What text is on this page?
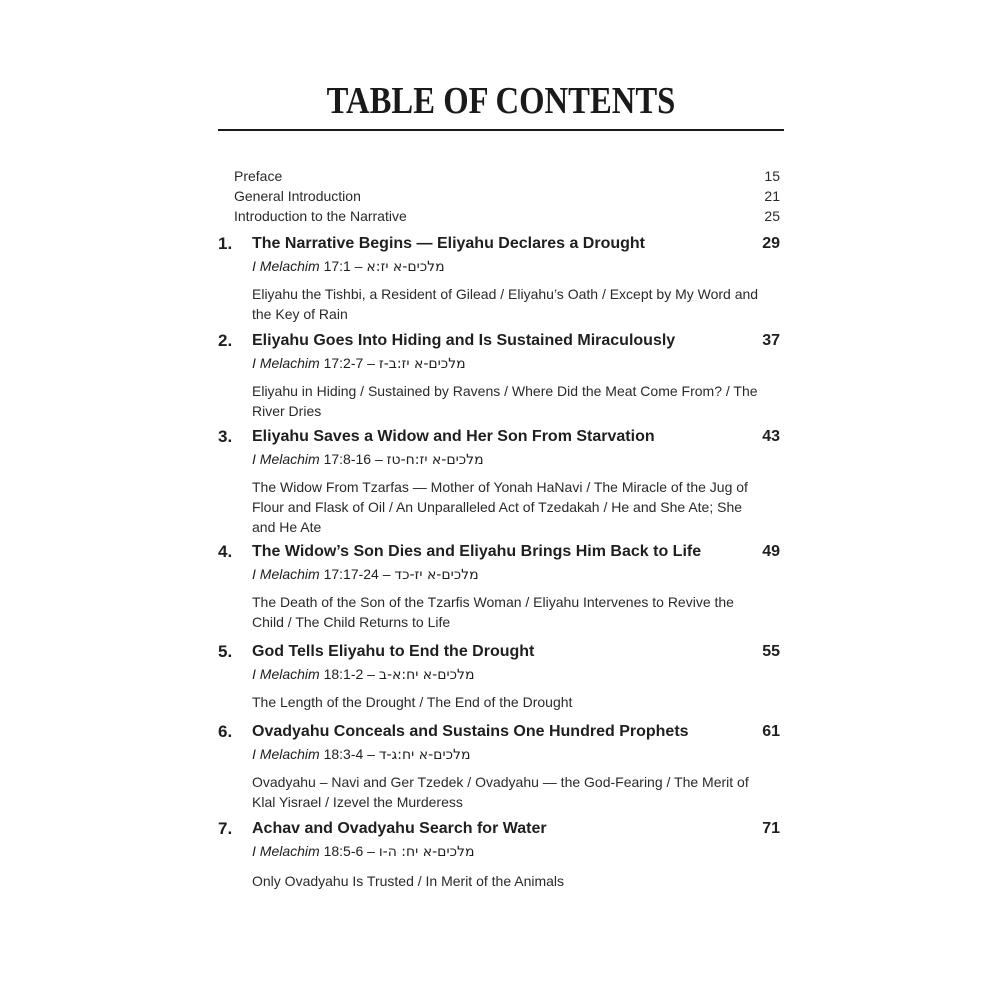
TABLE OF CONTENTS
Preface	15
General Introduction	21
Introduction to the Narrative	25
1. The Narrative Begins — Eliyahu Declares a Drought	29
I Melachim 17:1 – מלכים-א יז:א
Eliyahu the Tishbi, a Resident of Gilead / Eliyahu’s Oath / Except by My Word and the Key of Rain
2. Eliyahu Goes Into Hiding and Is Sustained Miraculously	37
I Melachim 17:2-7 – מלכים-א יז:ב-ז
Eliyahu in Hiding / Sustained by Ravens / Where Did the Meat Come From? / The River Dries
3. Eliyahu Saves a Widow and Her Son From Starvation	43
I Melachim 17:8-16 – מלכים-א יז:ח-טז
The Widow From Tzarfas — Mother of Yonah HaNavi / The Miracle of the Jug of Flour and Flask of Oil / An Unparalleled Act of Tzedakah / He and She Ate; She and He Ate
4. The Widow’s Son Dies and Eliyahu Brings Him Back to Life	49
I Melachim 17:17-24 – מלכים-א יז-כד
The Death of the Son of the Tzarfis Woman / Eliyahu Intervenes to Revive the Child / The Child Returns to Life
5. God Tells Eliyahu to End the Drought	55
I Melachim 18:1-2 – מלכים-א יח:א-ב
The Length of the Drought / The End of the Drought
6. Ovadyahu Conceals and Sustains One Hundred Prophets	61
I Melachim 18:3-4 – מלכים-א יח:ג-ד
Ovadyahu – Navi and Ger Tzedek / Ovadyahu — the God-Fearing / The Merit of Klal Yisrael / Izevel the Murderess
7. Achav and Ovadyahu Search for Water	71
I Melachim 18:5-6 – מלכים-א יח: ה-ו
Only Ovadyahu Is Trusted / In Merit of the Animals
